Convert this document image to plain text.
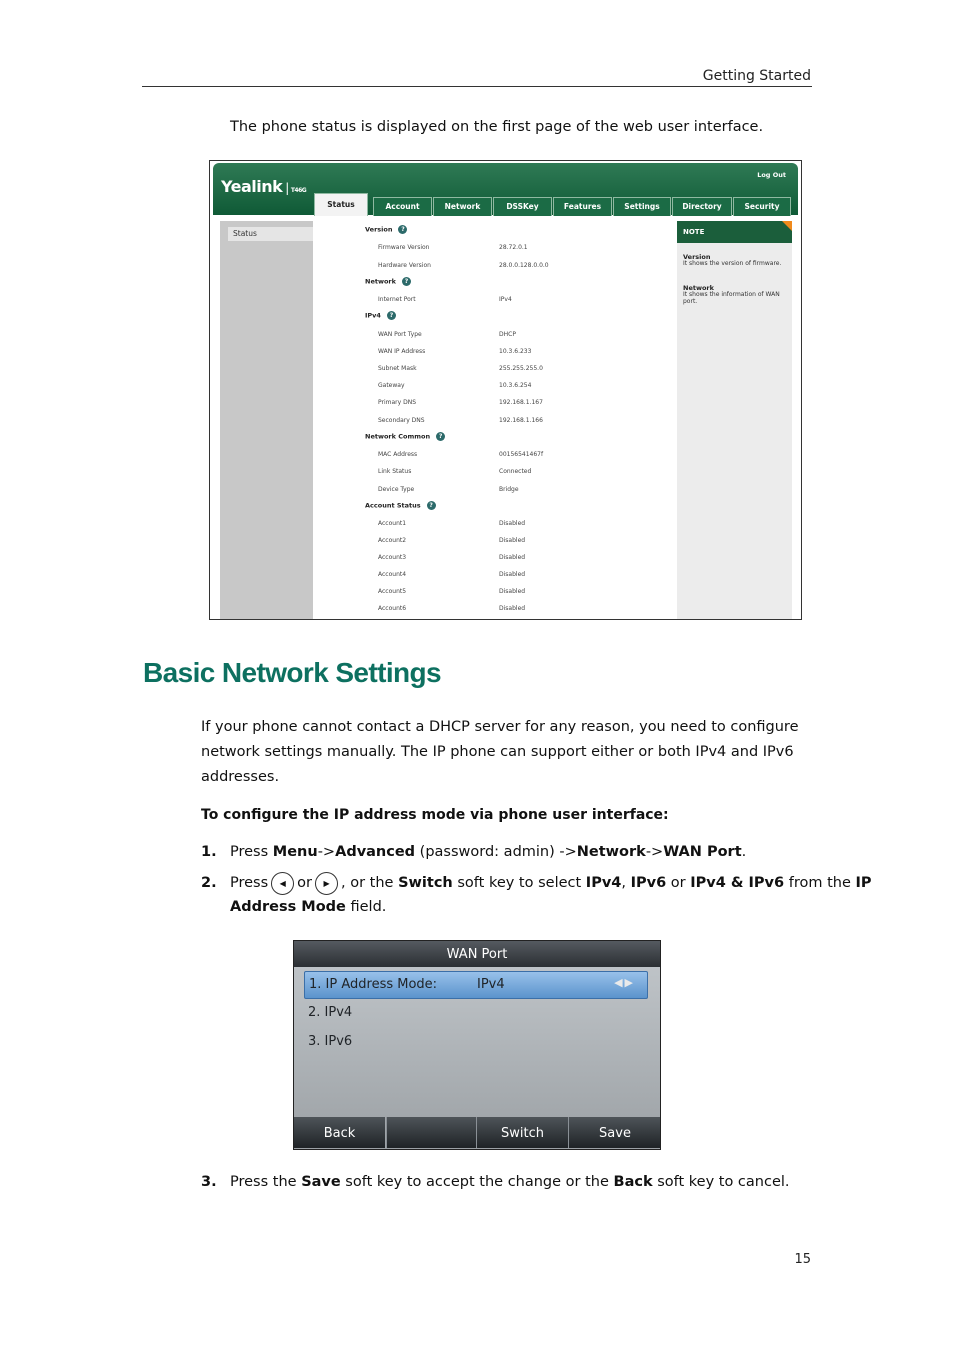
Getting Started
The phone status is displayed on the first page of the web user interface.
Yealink | T46G
Log Out
Status	Account	Network	DSSKey	Features	Settings	Directory	Security
Status	NOTE
Version
It shows the version of firmware.
Network
It shows the information of WAN port.
Version ?
Firmware Version	28.72.0.1
Hardware Version	28.0.0.128.0.0.0
Network ?
Internet Port	IPv4
IPv4 ?
WAN Port Type	DHCP
WAN IP Address	10.3.6.233
Subnet Mask	255.255.255.0
Gateway	10.3.6.254
Primary DNS	192.168.1.167
Secondary DNS	192.168.1.166
Network Common ?
MAC Address	00156541467f
Link Status	Connected
Device Type	Bridge
Account Status ?
Account1	Disabled
Account2	Disabled
Account3	Disabled
Account4	Disabled
Account5	Disabled
Account6	Disabled
Basic Network Settings
If your phone cannot contact a DHCP server for any reason, you need to configure
network settings manually. The IP phone can support either or both IPv4 and IPv6
addresses.
To configure the IP address mode via phone user interface:
1. Press Menu->Advanced (password: admin) ->Network->WAN Port.
2. Press ◀ or ▶ , or the Switch soft key to select IPv4, IPv6 or IPv4 & IPv6 from the IP
Address Mode field.
WAN Port
1. IP Address Mode:	IPv4	◀▶
2. IPv4
3. IPv6
Back	Switch	Save
3. Press the Save soft key to accept the change or the Back soft key to cancel.
15
